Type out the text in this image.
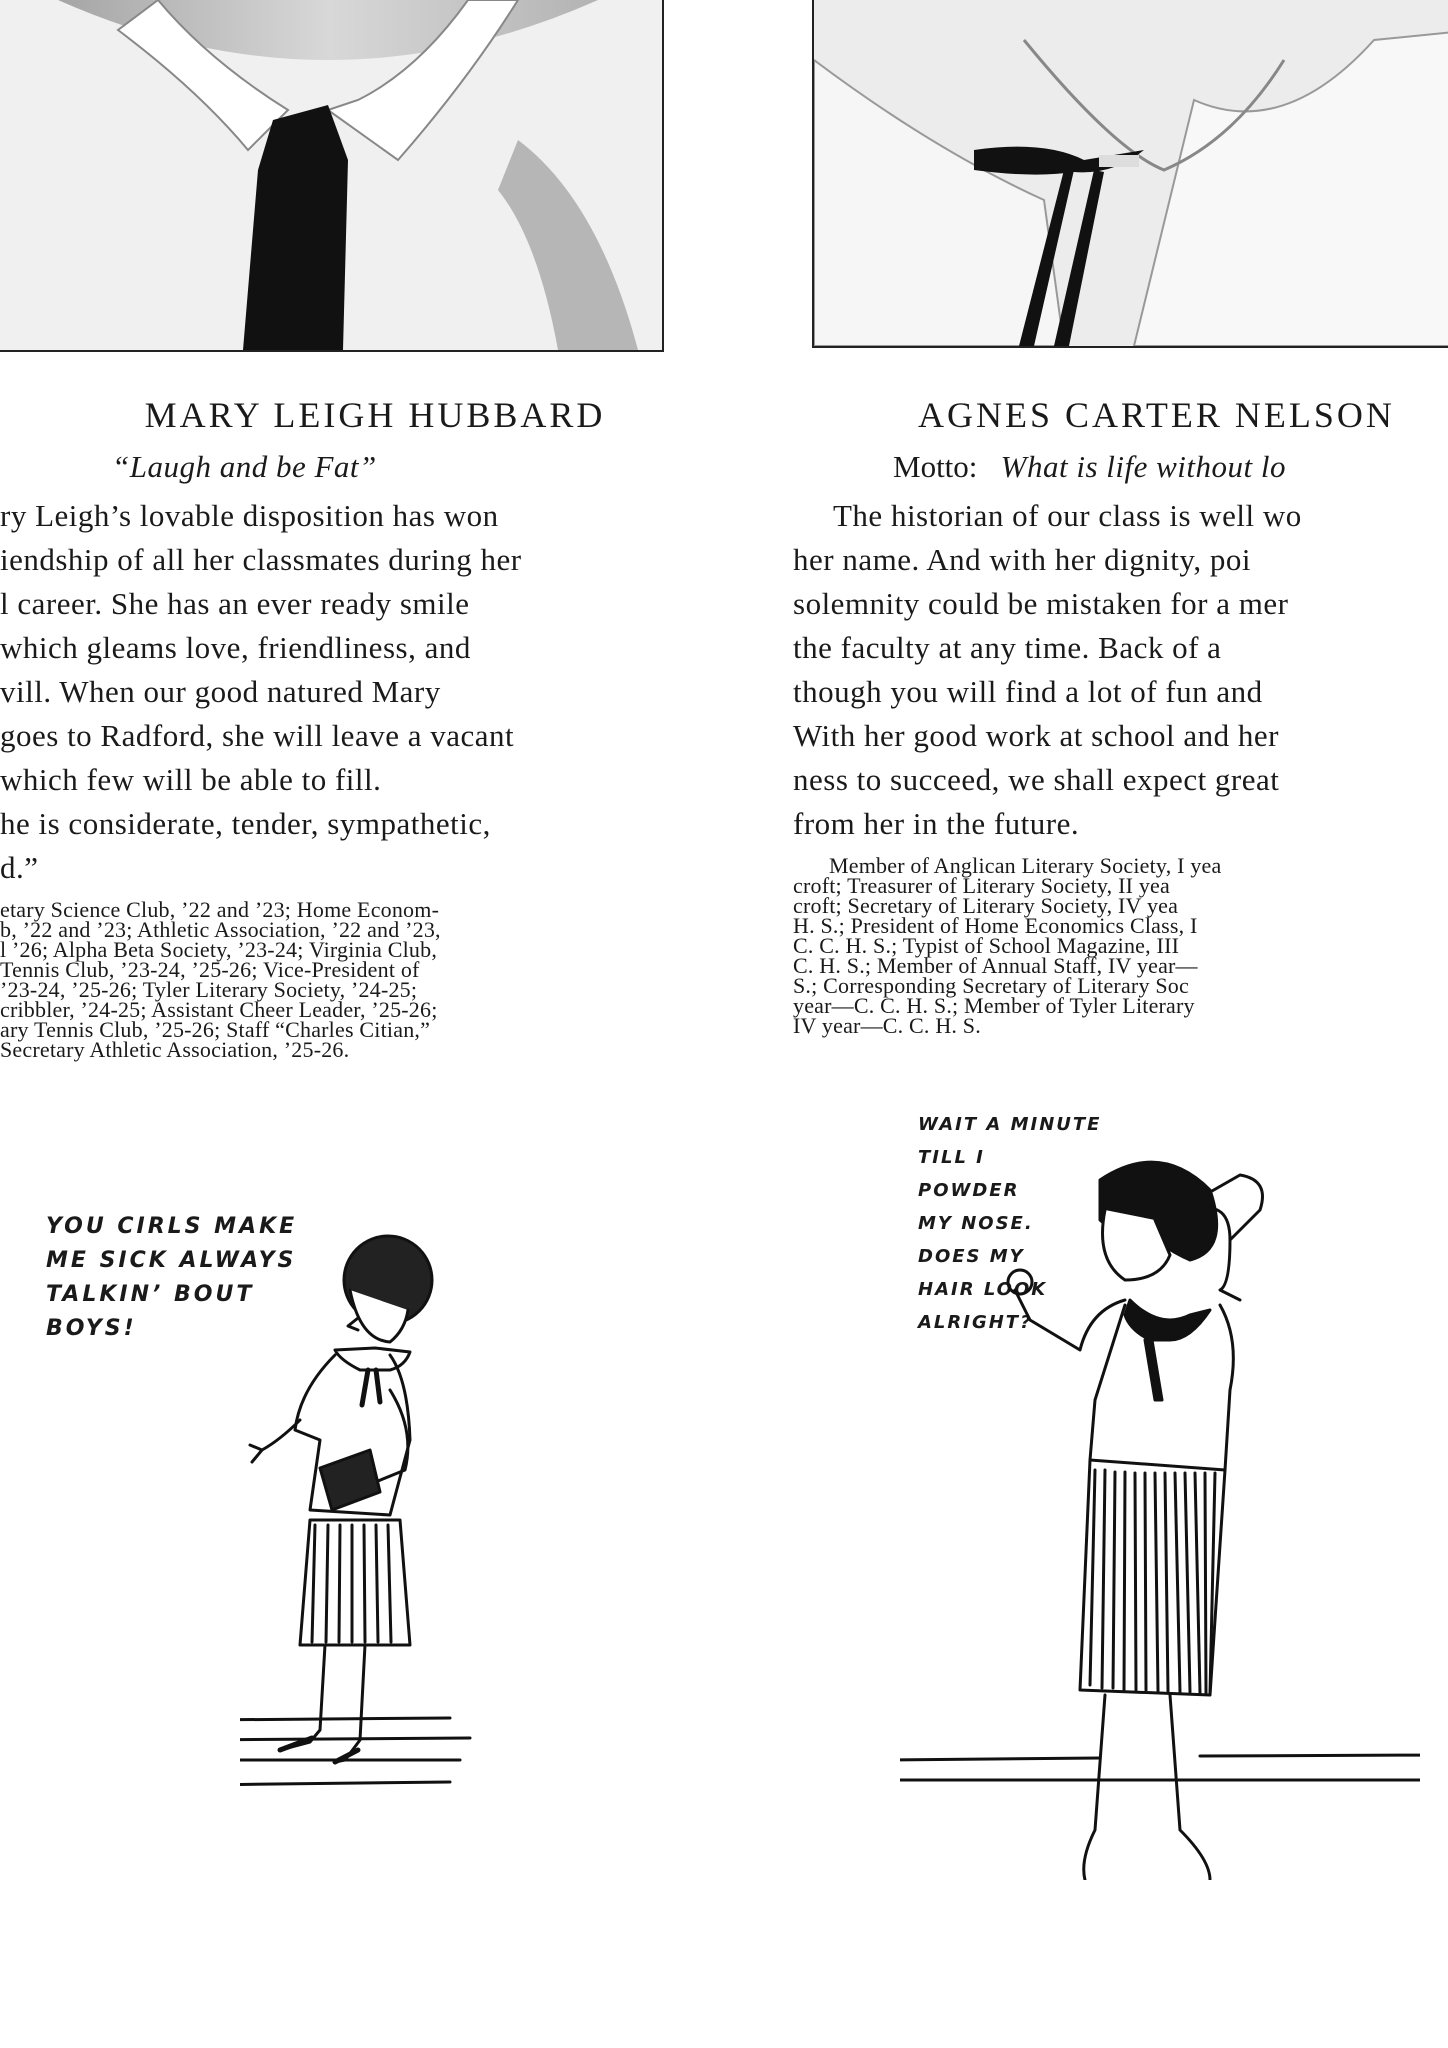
MARY LEIGH HUBBARD
“Laugh and be Fat”
ry Leigh’s lovable disposition has won
iendship of all her classmates during her
l career. She has an ever ready smile
which gleams love, friendliness, and
vill. When our good natured Mary
goes to Radford, she will leave a vacant
which few will be able to fill.
he is considerate, tender, sympathetic,
d.”
etary Science Club, ’22 and ’23; Home Econom-
b, ’22 and ’23; Athletic Association, ’22 and ’23,
l ’26; Alpha Beta Society, ’23-24; Virginia Club,
Tennis Club, ’23-24, ’25-26; Vice-President of
’23-24, ’25-26; Tyler Literary Society, ’24-25;
cribbler, ’24-25; Assistant Cheer Leader, ’25-26;
ary Tennis Club, ’25-26; Staff “Charles Citian,”
Secretary Athletic Association, ’25-26.
AGNES CARTER NELSON
Motto: What is life without lo
The historian of our class is well wo
her name. And with her dignity, poi
solemnity could be mistaken for a mer
the faculty at any time. Back of a
though you will find a lot of fun and
With her good work at school and her
ness to succeed, we shall expect great
from her in the future.
Member of Anglican Literary Society, I yea
croft; Treasurer of Literary Society, II yea
croft; Secretary of Literary Society, IV yea
H. S.; President of Home Economics Class, I
C. C. H. S.; Typist of School Magazine, III
C. H. S.; Member of Annual Staff, IV year—
S.; Corresponding Secretary of Literary Soc
year—C. C. H. S.; Member of Tyler Literary
IV year—C. C. H. S.
YOU CIRLS MAKE
ME SICK ALWAYS
TALKIN’ BOUT
BOYS!
WAIT A MINUTE
TILL I
POWDER
MY NOSE.
DOES MY
HAIR LOOK
ALRIGHT?
